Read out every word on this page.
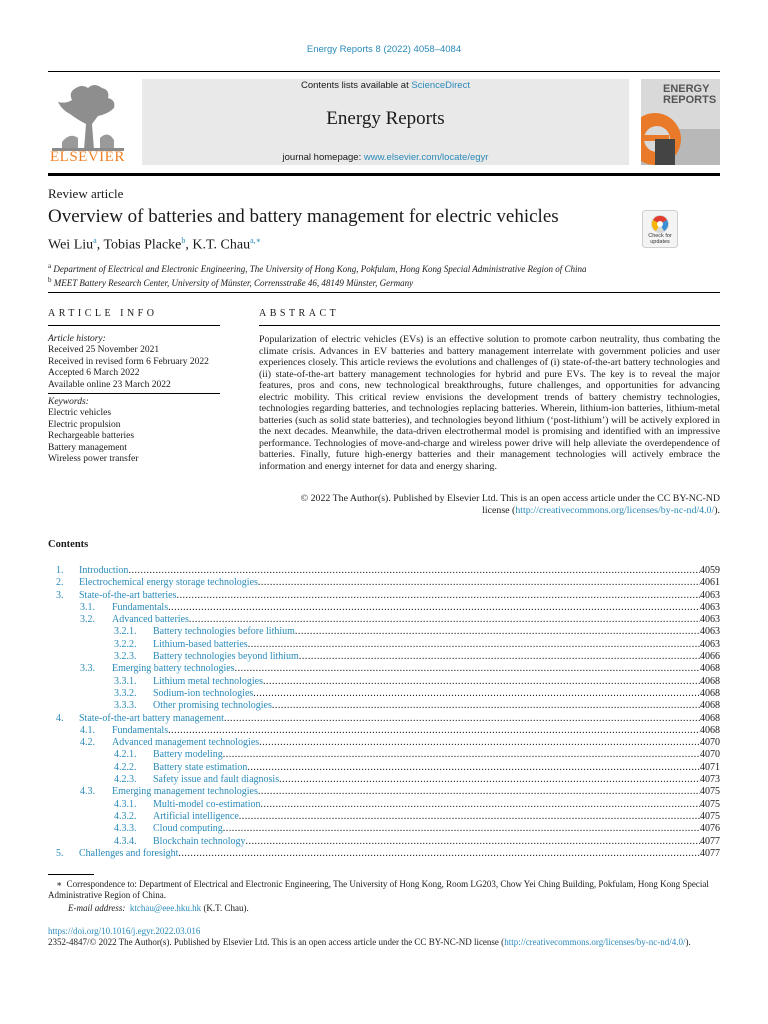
Energy Reports 8 (2022) 4058–4084
ELSEVIER
Contents lists available at ScienceDirect
Energy Reports
journal homepage: www.elsevier.com/locate/egyr
ENERGY
REPORTS
Review article
Overview of batteries and battery management for electric vehicles
Check for updates
Wei Liu$^a$, Tobias Placke$^b$, K.T. Chau$^{a,∗}$
$^a$ Department of Electrical and Electronic Engineering, The University of Hong Kong, Pokfulam, Hong Kong Special Administrative Region of China
$^b$ MEET Battery Research Center, University of Münster, Corrensstraße 46, 48149 Münster, Germany
ARTICLE INFO	ABSTRACT
Article history:
Received 25 November 2021
Received in revised form 6 February 2022
Accepted 6 March 2022
Available online 23 March 2022
Keywords:
Electric vehicles
Electric propulsion
Rechargeable batteries
Battery management
Wireless power transfer
Popularization of electric vehicles (EVs) is an effective solution to promote carbon neutrality, thus combating the climate crisis. Advances in EV batteries and battery management interrelate with government policies and user experiences closely. This article reviews the evolutions and challenges of (i) state-of-the-art battery technologies and (ii) state-of-the-art battery management technologies for hybrid and pure EVs. The key is to reveal the major features, pros and cons, new technological breakthroughs, future challenges, and opportunities for advancing electric mobility. This critical review envisions the development trends of battery chemistry technologies, technologies regarding batteries, and technologies replacing batteries. Wherein, lithium-ion batteries, lithium-metal batteries (such as solid state batteries), and technologies beyond lithium (‘post-lithium’) will be actively explored in the next decades. Meanwhile, the data-driven electrothermal model is promising and identified with an impressive performance. Technologies of move-and-charge and wireless power drive will help alleviate the overdependence of batteries. Finally, future high-energy batteries and their management technologies will actively embrace the information and energy internet for data and energy sharing.
© 2022 The Author(s). Published by Elsevier Ltd. This is an open access article under the CC BY-NC-ND
license (http://creativecommons.org/licenses/by-nc-nd/4.0/).
Contents
1.	Introduction .....	4059
2.	Electrochemical energy storage technologies .....	4061
3.	State-of-the-art batteries .....	4063
3.1.	Fundamentals .....	4063
3.2.	Advanced batteries .....	4063
3.2.1.	Battery technologies before lithium .....	4063
3.2.2.	Lithium-based batteries .....	4063
3.2.3.	Battery technologies beyond lithium .....	4066
3.3.	Emerging battery technologies .....	4068
3.3.1.	Lithium metal technologies .....	4068
3.3.2.	Sodium-ion technologies .....	4068
3.3.3.	Other promising technologies .....	4068
4.	State-of-the-art battery management .....	4068
4.1.	Fundamentals .....	4068
4.2.	Advanced management technologies .....	4070
4.2.1.	Battery modeling .....	4070
4.2.2.	Battery state estimation .....	4071
4.2.3.	Safety issue and fault diagnosis .....	4073
4.3.	Emerging management technologies .....	4075
4.3.1.	Multi-model co-estimation .....	4075
4.3.2.	Artificial intelligence .....	4075
4.3.3.	Cloud computing .....	4076
4.3.4.	Blockchain technology .....	4077
5.	Challenges and foresight .....	4077
∗ Correspondence to: Department of Electrical and Electronic Engineering, The University of Hong Kong, Room LG203, Chow Yei Ching Building, Pokfulam, Hong Kong Special Administrative Region of China.
E-mail address: ktchau@eee.hku.hk (K.T. Chau).
https://doi.org/10.1016/j.egyr.2022.03.016
2352-4847/© 2022 The Author(s). Published by Elsevier Ltd. This is an open access article under the CC BY-NC-ND license (http://creativecommons.org/licenses/by-nc-nd/4.0/).
